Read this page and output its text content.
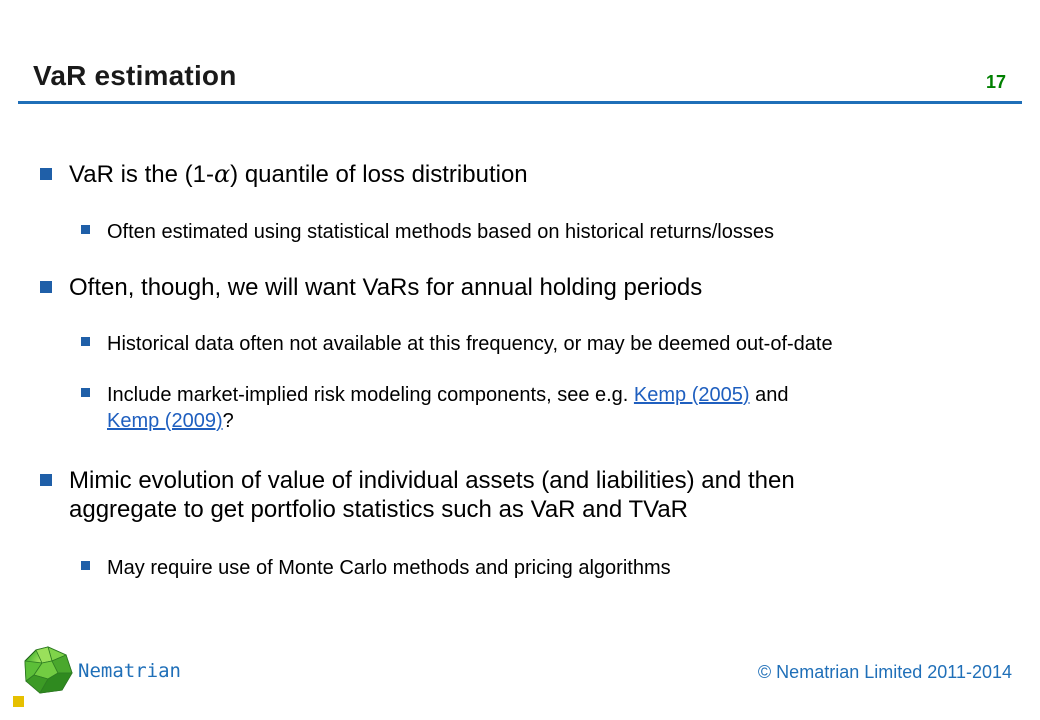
VaR estimation	17
VaR is the (1-α) quantile of loss distribution
Often estimated using statistical methods based on historical returns/losses
Often, though, we will want VaRs for annual holding periods
Historical data often not available at this frequency, or may be deemed out-of-date
Include market-implied risk modeling components, see e.g. Kemp (2005) and
Kemp (2009)?
Mimic evolution of value of individual assets (and liabilities) and then
aggregate to get portfolio statistics such as VaR and TVaR
May require use of Monte Carlo methods and pricing algorithms
Nematrian	© Nematrian Limited 2011-2014
